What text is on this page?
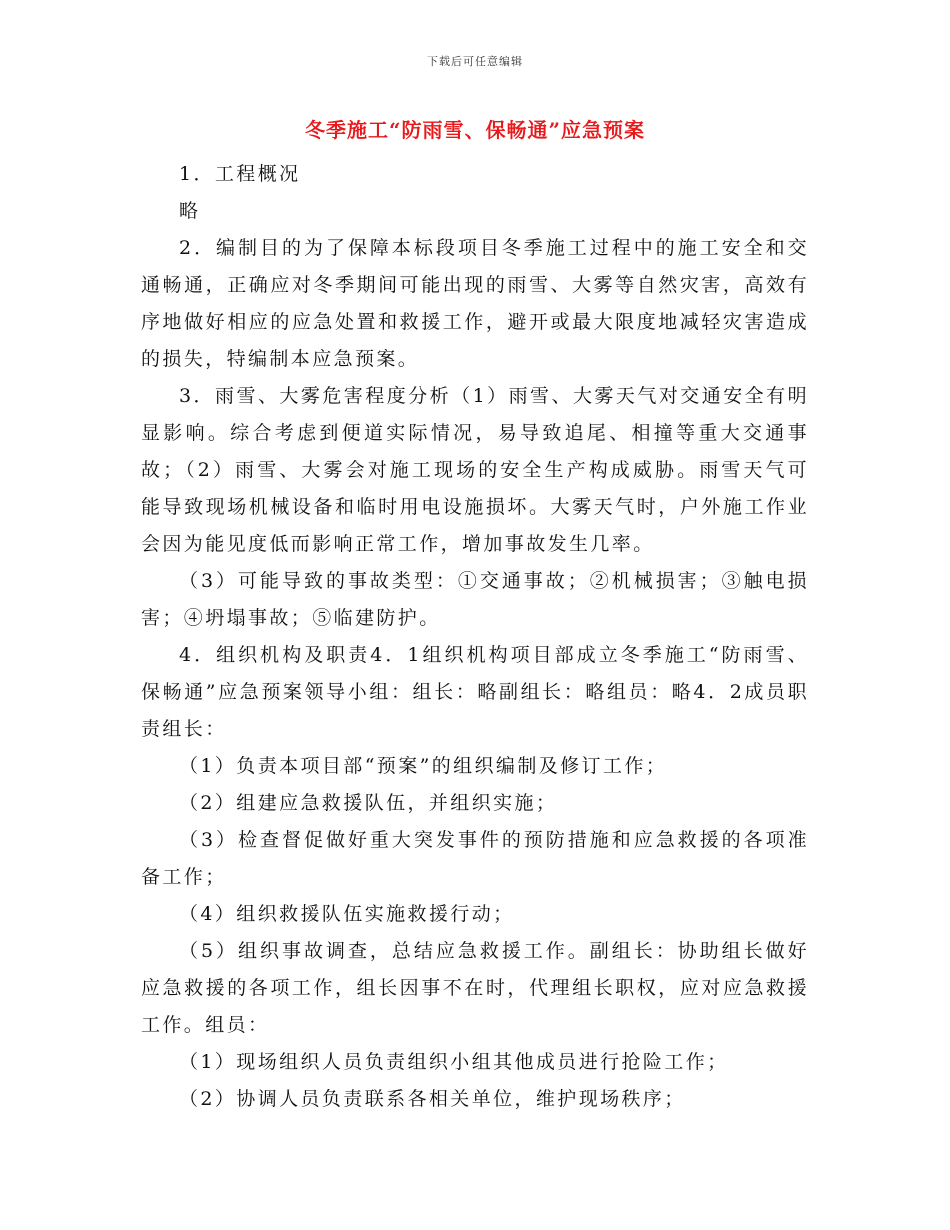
下载后可任意编辑
冬季施工“防雨雪、保畅通”应急预案

1．工程概况

略

2．编制目的为了保障本标段项目冬季施工过程中的施工安全和交通畅通，正确应对冬季期间可能出现的雨雪、大雾等自然灾害，高效有序地做好相应的应急处置和救援工作，避开或最大限度地减轻灾害造成的损失，特编制本应急预案。

3．雨雪、大雾危害程度分析（1）雨雪、大雾天气对交通安全有明显影响。综合考虑到便道实际情况，易导致追尾、相撞等重大交通事故；（2）雨雪、大雾会对施工现场的安全生产构成威胁。雨雪天气可能导致现场机械设备和临时用电设施损坏。大雾天气时，户外施工作业会因为能见度低而影响正常工作，增加事故发生几率。

（3）可能导致的事故类型：①交通事故；②机械损害；③触电损害；④坍塌事故；⑤临建防护。

4．组织机构及职责4．1组织机构项目部成立冬季施工“防雨雪、保畅通”应急预案领导小组：组长：略副组长：略组员：略4．2成员职责组长：

（1）负责本项目部“预案”的组织编制及修订工作；

（2）组建应急救援队伍，并组织实施；

（3）检查督促做好重大突发事件的预防措施和应急救援的各项准备工作；

（4）组织救援队伍实施救援行动；

（5）组织事故调查，总结应急救援工作。副组长：协助组长做好应急救援的各项工作，组长因事不在时，代理组长职权，应对应急救援工作。组员：

（1）现场组织人员负责组织小组其他成员进行抢险工作；

（2）协调人员负责联系各相关单位，维护现场秩序；
